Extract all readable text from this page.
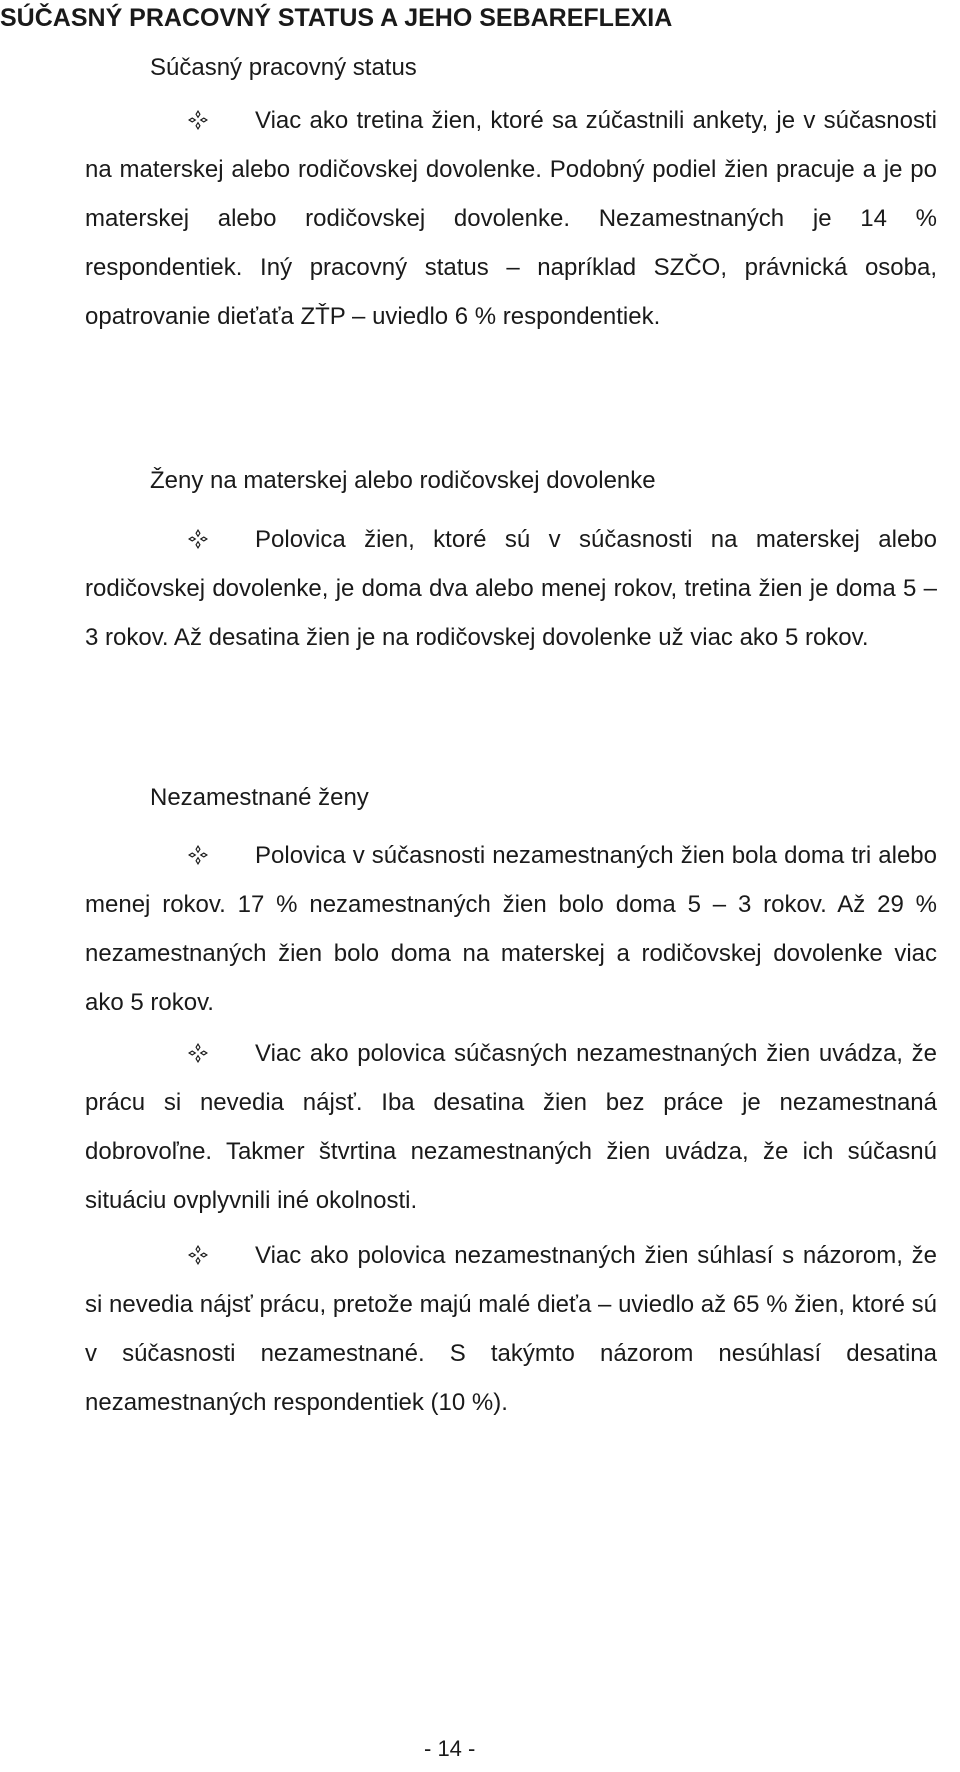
SÚČASNÝ PRACOVNÝ STATUS A JEHO SEBAREFLEXIA
Súčasný pracovný status

Viac ako tretina žien, ktoré sa zúčastnili ankety, je v súčasnosti na materskej alebo rodičovskej dovolenke. Podobný podiel žien pracuje a je po materskej alebo rodičovskej dovolenke. Nezamestnaných je 14 % respondentiek. Iný pracovný status – napríklad SZČO, právnická osoba, opatrovanie dieťaťa ZŤP – uviedlo 6 % respondentiek.

Ženy na materskej alebo rodičovskej dovolenke

Polovica žien, ktoré sú v súčasnosti na materskej alebo rodičovskej dovolenke, je doma dva alebo menej rokov, tretina žien je doma 5 – 3 rokov. Až desatina žien je na rodičovskej dovolenke už viac ako 5 rokov.

Nezamestnané ženy

Polovica v súčasnosti nezamestnaných žien bola doma tri alebo menej rokov. 17 % nezamestnaných žien bolo doma 5 – 3 rokov. Až 29 % nezamestnaných žien bolo doma na materskej a rodičovskej dovolenke viac ako 5 rokov.

Viac ako polovica súčasných nezamestnaných žien uvádza, že prácu si nevedia nájsť. Iba desatina žien bez práce je nezamestnaná dobrovoľne. Takmer štvrtina nezamestnaných žien uvádza, že ich súčasnú situáciu ovplyvnili iné okolnosti.

Viac ako polovica nezamestnaných žien súhlasí s názorom, že si nevedia nájsť prácu, pretože majú malé dieťa – uviedlo až 65 % žien, ktoré sú v súčasnosti nezamestnané. S takýmto názorom nesúhlasí desatina nezamestnaných respondentiek (10 %).

- 14 -
